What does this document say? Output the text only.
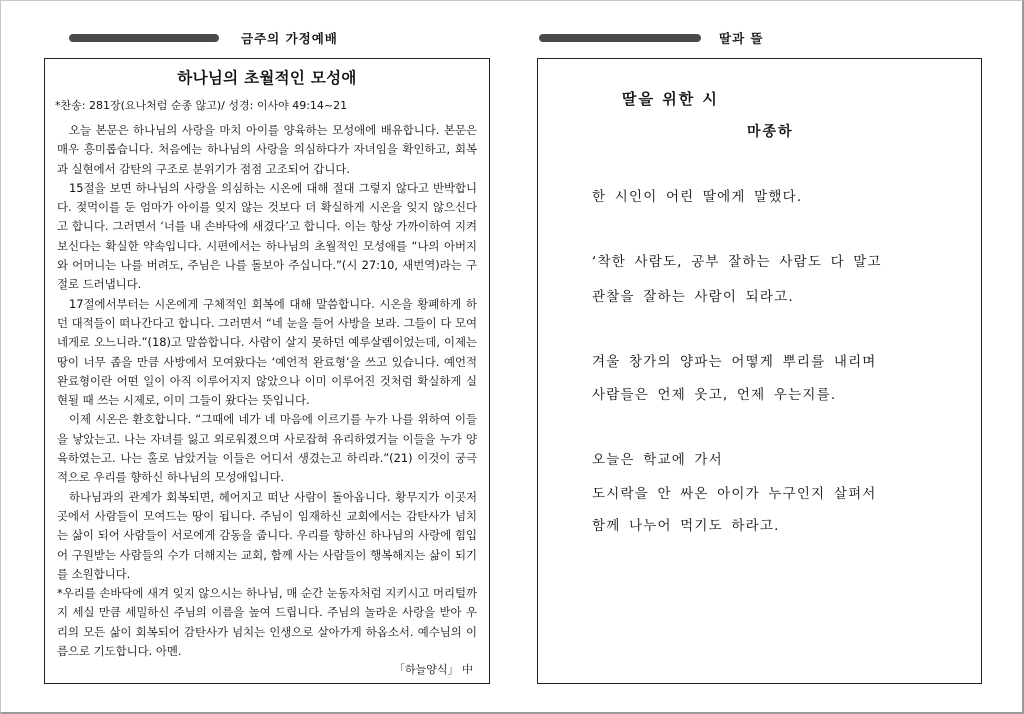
금주의 가정예배	딸과 뜰
하나님의 초월적인 모성애
*찬송: 281장(요나처럼 순종 않고)/ 성경: 이사야 49:14~21

오늘 본문은 하나님의 사랑을 마치 아이를 양육하는 모성애에 배유합니다. 본문은 매우 흥미롭습니다. 처음에는 하나님의 사랑을 의심하다가 자녀임을 확인하고, 회복과 실현에서 감탄의 구조로 분위기가 점점 고조되어 갑니다.

15절을 보면 하나님의 사랑을 의심하는 시온에 대해 절대 그렇지 않다고 반박합니다. 젖먹이를 둔 엄마가 아이를 잊지 않는 것보다 더 확실하게 시온을 잊지 않으신다고 합니다. 그러면서 ‘너를 내 손바닥에 새겼다’고 합니다. 이는 항상 가까이하여 지켜보신다는 확실한 약속입니다. 시편에서는 하나님의 초월적인 모성애를 “나의 아버지와 어머니는 나를 버려도, 주님은 나를 돌보아 주십니다.”(시 27:10, 새번역)라는 구절로 드러냅니다.

17절에서부터는 시온에게 구체적인 회복에 대해 말씀합니다. 시온을 황폐하게 하던 대적들이 떠나간다고 합니다. 그러면서 “네 눈을 들어 사방을 보라. 그들이 다 모여 네게로 오느니라.”(18)고 말씀합니다. 사람이 살지 못하던 예루살렘이었는데, 이제는 땅이 너무 좁을 만큼 사방에서 모여왔다는 ‘예언적 완료형’을 쓰고 있습니다. 예언적 완료형이란 어떤 일이 아직 이루어지지 않았으나 이미 이루어진 것처럼 확실하게 실현될 때 쓰는 시제로, 이미 그들이 왔다는 뜻입니다.

이제 시온은 환호합니다. “그때에 네가 네 마음에 이르기를 누가 나를 위하여 이들을 낳았는고. 나는 자녀를 잃고 외로워졌으며 사로잡혀 유리하였거늘 이들을 누가 양육하였는고. 나는 홀로 남았거늘 이들은 어디서 생겼는고 하리라.”(21) 이것이 궁극적으로 우리를 향하신 하나님의 모성애입니다.

하나님과의 관계가 회복되면, 헤어지고 떠난 사람이 돌아옵니다. 황무지가 이곳저곳에서 사람들이 모여드는 땅이 됩니다. 주님이 임재하신 교회에서는 감탄사가 넘치는 삶이 되어 사람들이 서로에게 감동을 줍니다. 우리를 향하신 하나님의 사랑에 힘입어 구원받는 사람들의 수가 더해지는 교회, 함께 사는 사람들이 행복해지는 삶이 되기를 소원합니다.

*우리를 손바닥에 새겨 잊지 않으시는 하나님, 매 순간 눈동자처럼 지키시고 머리털까지 세실 만큼 세밀하신 주님의 이름을 높여 드립니다. 주님의 놀라운 사랑을 받아 우리의 모든 삶이 회복되어 감탄사가 넘치는 인생으로 살아가게 하옵소서. 예수님의 이름으로 기도합니다. 아멘.

「하늘양식」 中
딸을 위한 시
마종하
한 시인이 어린 딸에게 말했다.
‘착한 사람도, 공부 잘하는 사람도 다 말고
관찰을 잘하는 사람이 되라고.
겨울 창가의 양파는 어떻게 뿌리를 내리며
사람들은 언제 웃고, 언제 우는지를.
오늘은 학교에 가서
도시락을 안 싸온 아이가 누구인지 살펴서
함께 나누어 먹기도 하라고.
